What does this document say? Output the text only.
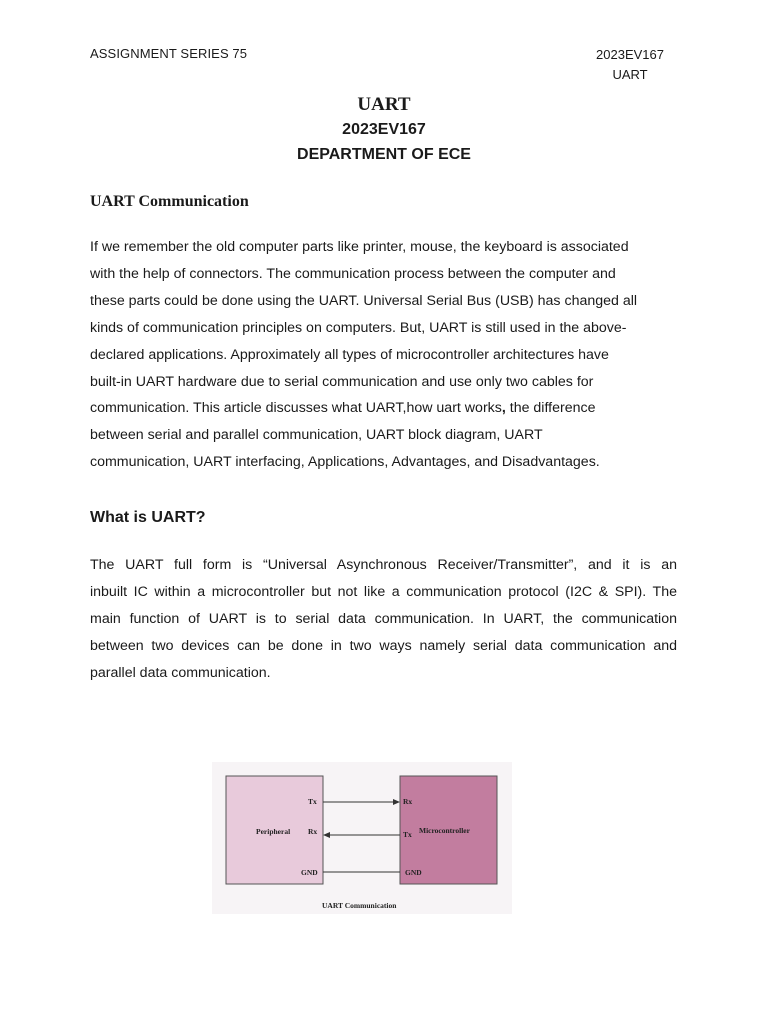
ASSIGNMENT SERIES 75	2023EV167
UART
UART
2023EV167
DEPARTMENT OF ECE
UART Communication
If we remember the old computer parts like printer, mouse, the keyboard is associated
with the help of connectors. The communication process between the computer and
these parts could be done using the UART. Universal Serial Bus (USB) has changed all
kinds of communication principles on computers. But, UART is still used in the above-
declared applications. Approximately all types of microcontroller architectures have
built-in UART hardware due to serial communication and use only two cables for
communication. This article discusses what UART,how uart works, the difference
between serial and parallel communication, UART block diagram, UART
communication, UART interfacing, Applications, Advantages, and Disadvantages.
What is UART?
The UART full form is “Universal Asynchronous Receiver/Transmitter”, and it is an
inbuilt IC within a microcontroller but not like a communication protocol (I2C & SPI). The
main function of UART is to serial data communication. In UART, the communication
between two devices can be done in two ways namely serial data communication and
parallel data communication.
Peripheral
Tx
Rx
GND
Rx
Tx Microcontroller
GND
UART Communication
